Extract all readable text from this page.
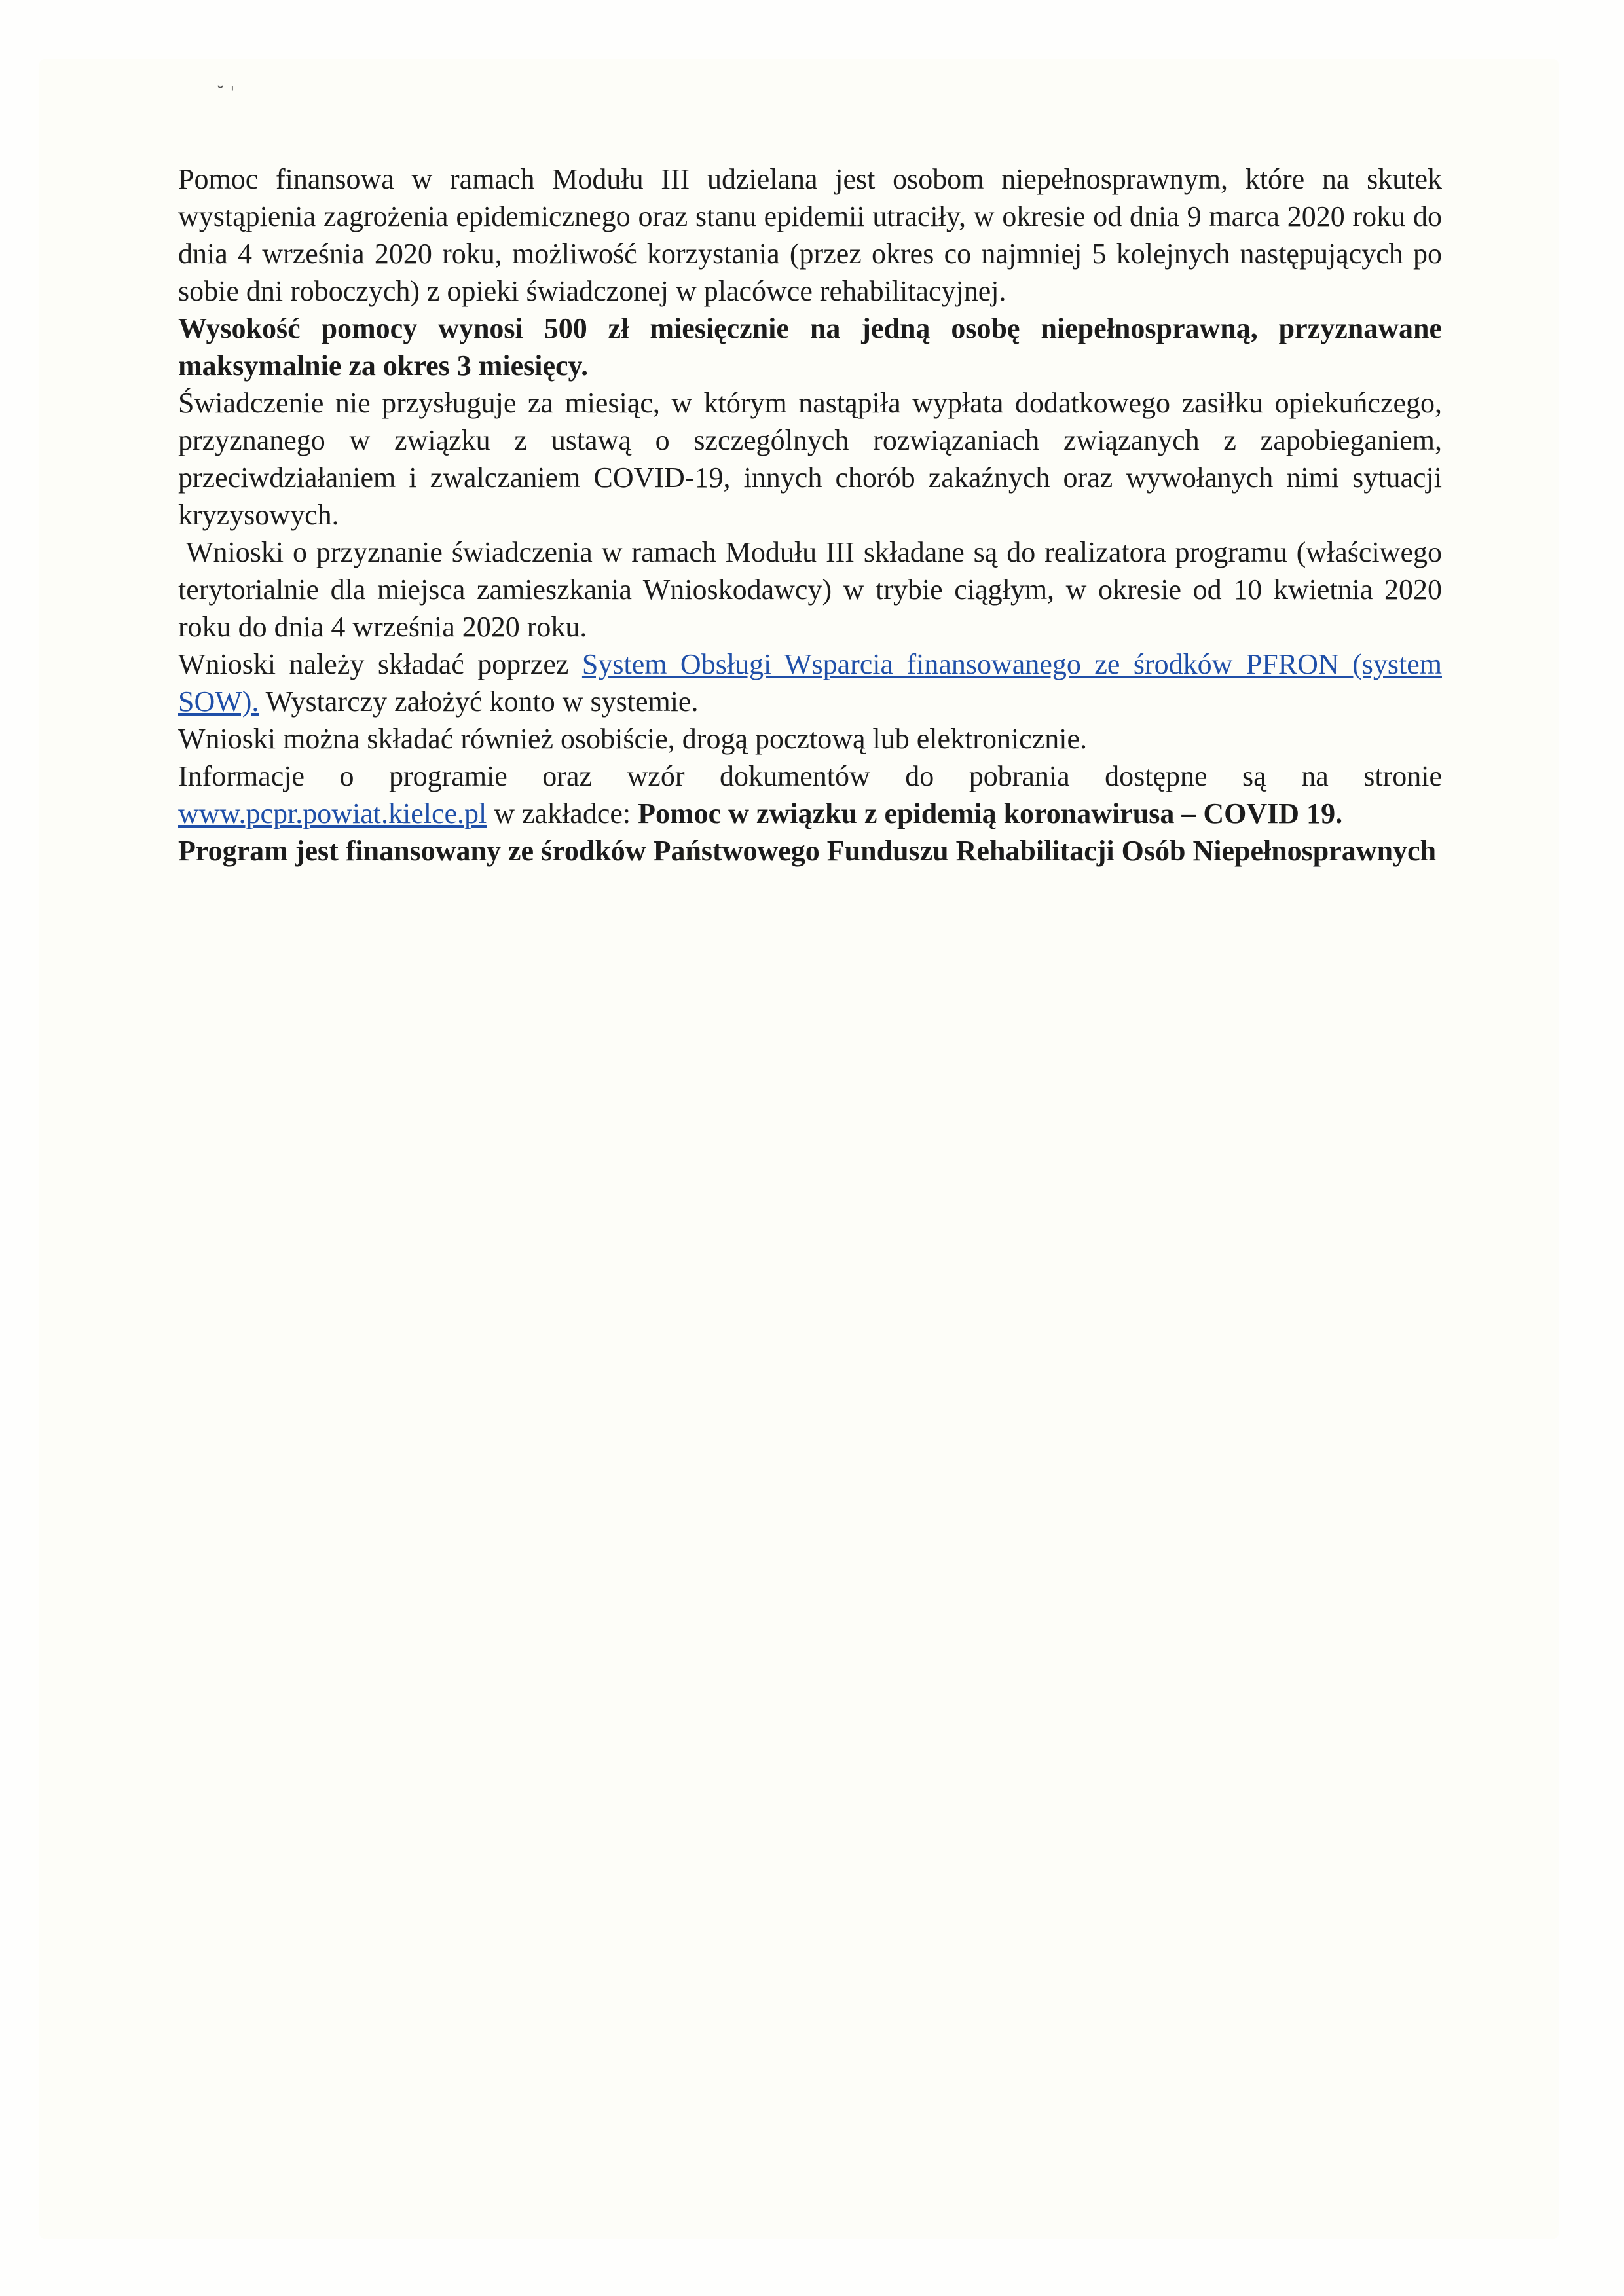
˘ ˈ

Pomoc finansowa w ramach Modułu III udzielana jest osobom niepełnosprawnym, które na skutek wystąpienia zagrożenia epidemicznego oraz stanu epidemii utraciły, w okresie od dnia 9 marca 2020 roku do dnia 4 września 2020 roku, możliwość korzystania (przez okres co najmniej 5 kolejnych następujących po sobie dni roboczych) z opieki świadczonej w placówce rehabilitacyjnej.

Wysokość pomocy wynosi 500 zł miesięcznie na jedną osobę niepełnosprawną, przyznawane maksymalnie za okres 3 miesięcy.

Świadczenie nie przysługuje za miesiąc, w którym nastąpiła wypłata dodatkowego zasiłku opiekuńczego, przyznanego w związku z ustawą o szczególnych rozwiązaniach związanych z zapobieganiem, przeciwdziałaniem i zwalczaniem COVID-19, innych chorób zakaźnych oraz wywołanych nimi sytuacji kryzysowych.

Wnioski o przyznanie świadczenia w ramach Modułu III składane są do realizatora programu (właściwego terytorialnie dla miejsca zamieszkania Wnioskodawcy) w trybie ciągłym, w okresie od 10 kwietnia 2020 roku do dnia 4 września 2020 roku.

Wnioski należy składać poprzez System Obsługi Wsparcia finansowanego ze środków PFRON (system SOW). Wystarczy założyć konto w systemie.

Wnioski można składać również osobiście, drogą pocztową lub elektronicznie.

Informacje o programie oraz wzór dokumentów do pobrania dostępne są na stronie www.pcpr.powiat.kielce.pl w zakładce: Pomoc w związku z epidemią koronawirusa – COVID 19.

Program jest finansowany ze środków Państwowego Funduszu Rehabilitacji Osób Niepełnosprawnych
